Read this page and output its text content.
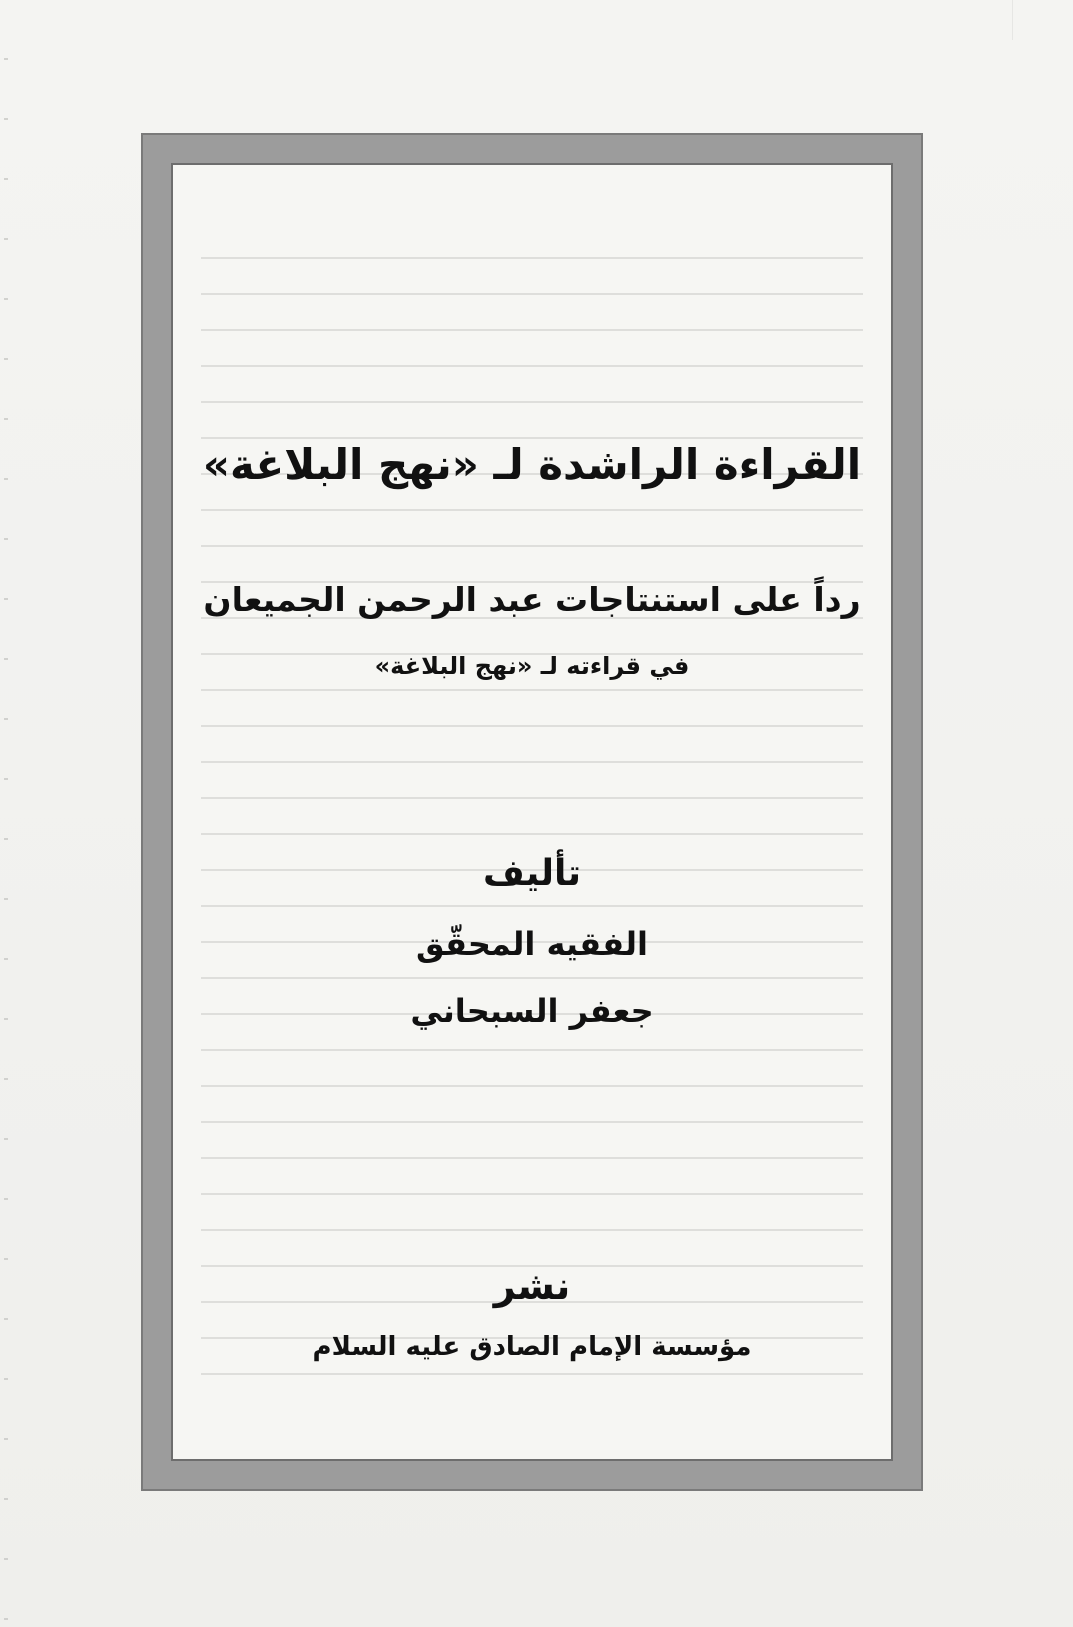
القراءة الراشدة لـ «نهج البلاغة»
رداً على استنتاجات عبد الرحمن الجميعان
في قراءته لـ «نهج البلاغة»
تأليف
الفقيه المحقّق
جعفر السبحاني
نشر
مؤسسة الإمام الصادق عليه السلام
